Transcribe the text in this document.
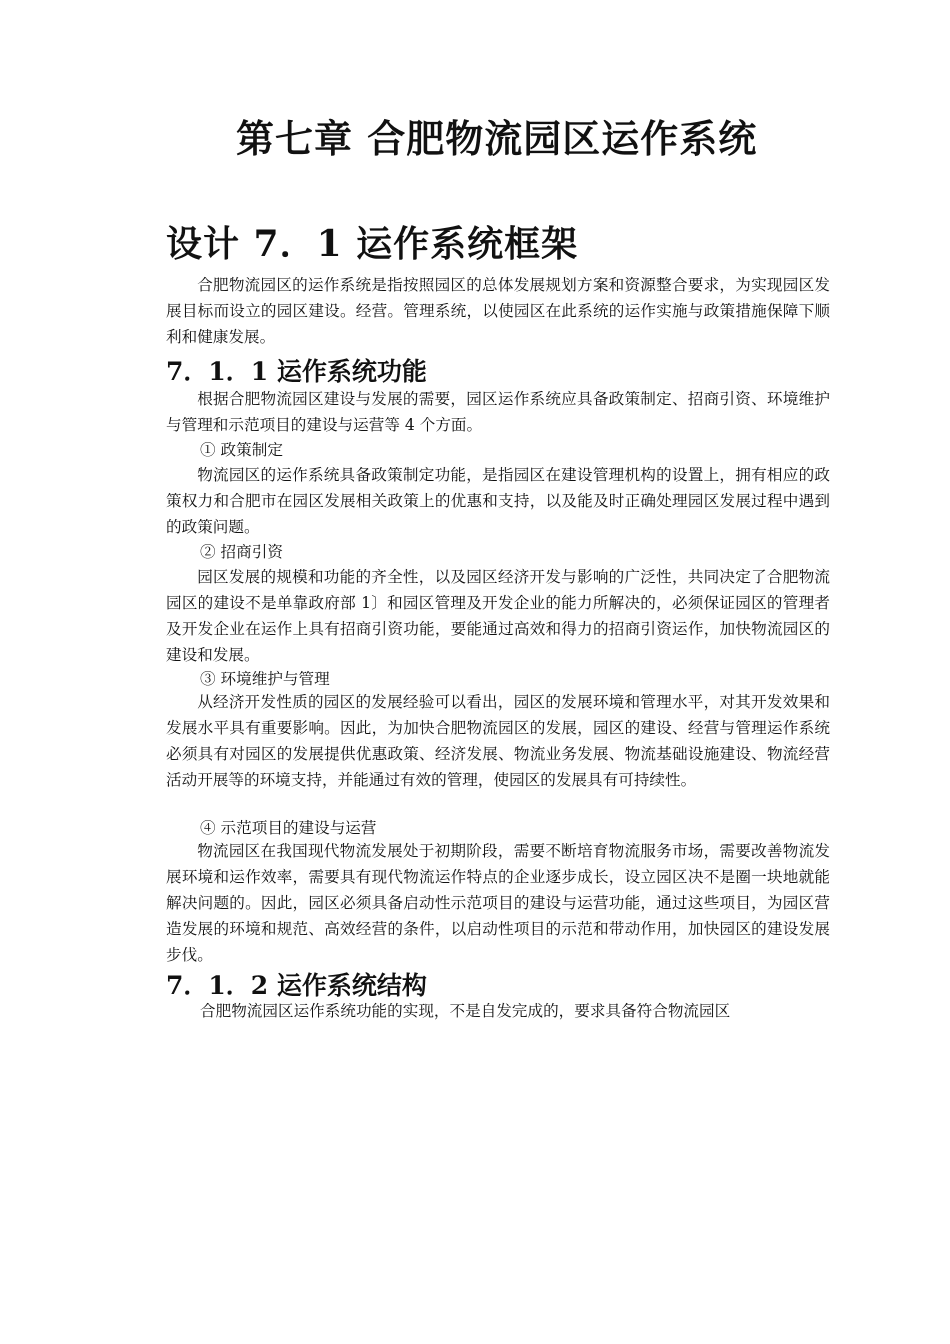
第七章 合肥物流园区运作系统
设计 7．1 运作系统框架

合肥物流园区的运作系统是指按照园区的总体发展规划方案和资源整合要求，为实现园区发展目标而设立的园区建设。经营。管理系统，以使园区在此系统的运作实施与政策措施保障下顺利和健康发展。

7．1．1 运作系统功能

根据合肥物流园区建设与发展的需要，园区运作系统应具备政策制定、招商引资、环境维护与管理和示范项目的建设与运营等 4 个方面。

① 政策制定

物流园区的运作系统具备政策制定功能，是指园区在建设管理机构的设置上，拥有相应的政策权力和合肥市在园区发展相关政策上的优惠和支持，以及能及时正确处理园区发展过程中遇到的政策问题。

② 招商引资

园区发展的规模和功能的齐全性，以及园区经济开发与影响的广泛性，共同决定了合肥物流园区的建设不是单靠政府部 1〕和园区管理及开发企业的能力所解决的，必须保证园区的管理者及开发企业在运作上具有招商引资功能，要能通过高效和得力的招商引资运作，加快物流园区的建设和发展。

③ 环境维护与管理

从经济开发性质的园区的发展经验可以看出，园区的发展环境和管理水平，对其开发效果和发展水平具有重要影响。因此，为加快合肥物流园区的发展，园区的建设、经营与管理运作系统必须具有对园区的发展提供优惠政策、经济发展、物流业务发展、物流基础设施建设、物流经营活动开展等的环境支持，并能通过有效的管理，使园区的发展具有可持续性。

④ 示范项目的建设与运营

物流园区在我国现代物流发展处于初期阶段，需要不断培育物流服务市场，需要改善物流发展环境和运作效率，需要具有现代物流运作特点的企业逐步成长，设立园区决不是圈一块地就能解决问题的。因此，园区必须具备启动性示范项目的建设与运营功能，通过这些项目，为园区营造发展的环境和规范、高效经营的条件，以启动性项目的示范和带动作用，加快园区的建设发展步伐。

7．1．2 运作系统结构

合肥物流园区运作系统功能的实现，不是自发完成的，要求具备符合物流园区
